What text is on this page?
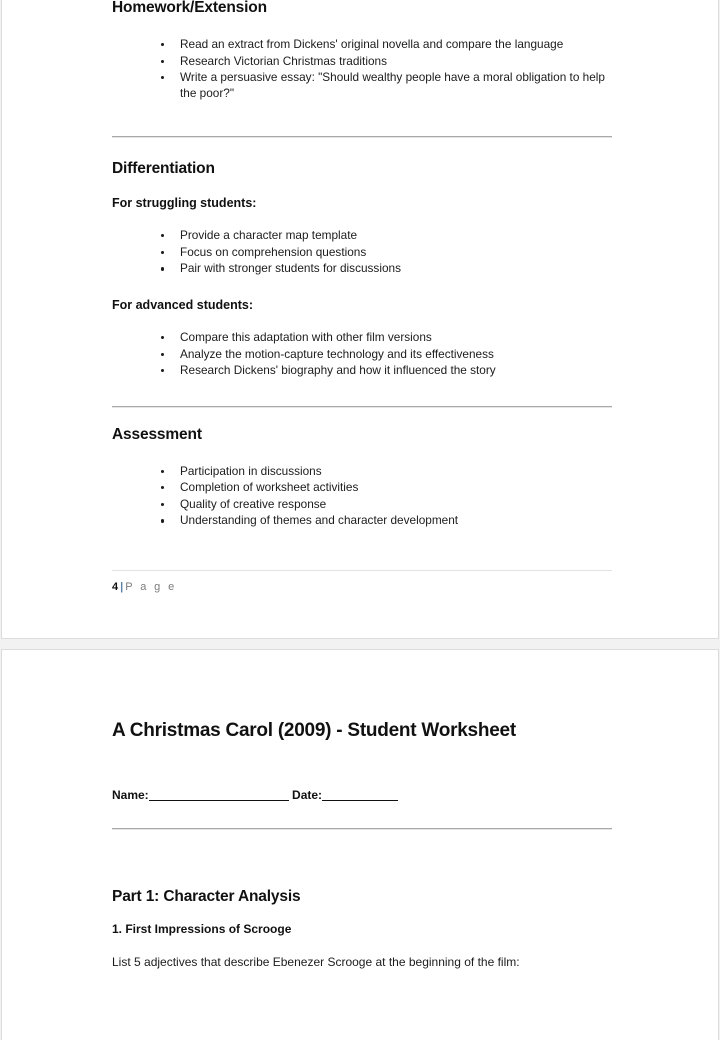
Homework/Extension
Read an extract from Dickens' original novella and compare the language
Research Victorian Christmas traditions
Write a persuasive essay: "Should wealthy people have a moral obligation to help the poor?"
Differentiation
For struggling students:
Provide a character map template
Focus on comprehension questions
Pair with stronger students for discussions
For advanced students:
Compare this adaptation with other film versions
Analyze the motion-capture technology and its effectiveness
Research Dickens' biography and how it influenced the story
Assessment
Participation in discussions
Completion of worksheet activities
Quality of creative response
Understanding of themes and character development
4 | P a g e
A Christmas Carol (2009) - Student Worksheet
Name:	Date:
Part 1: Character Analysis
1. First Impressions of Scrooge

List 5 adjectives that describe Ebenezer Scrooge at the beginning of the film:
